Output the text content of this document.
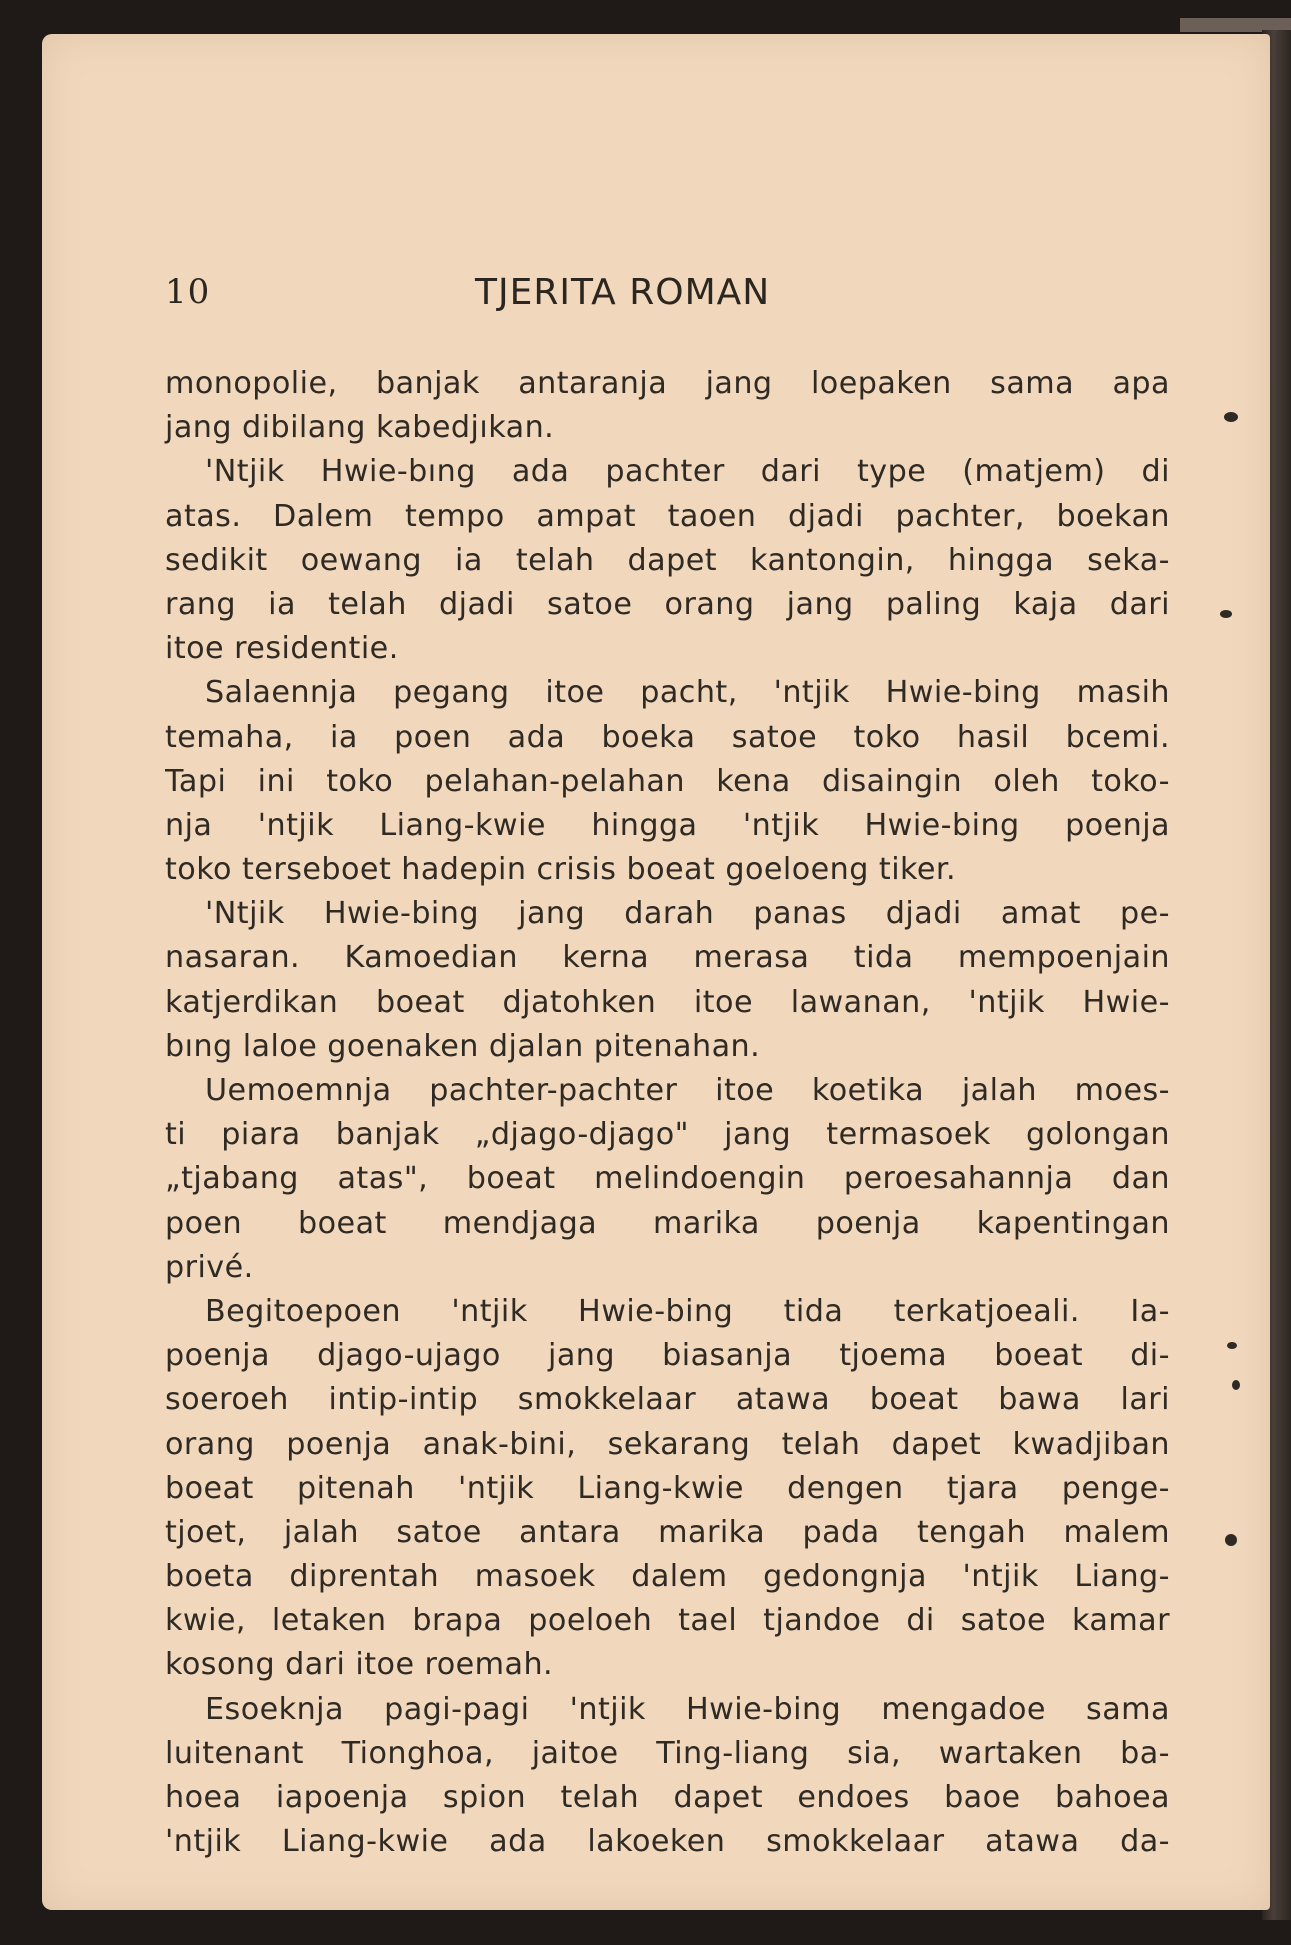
10	TJERITA ROMAN
monopolie, banjak antaranja jang loepaken sama apa
jang dibilang kabedjıkan.
'Ntjik Hwie-bıng ada pachter dari type (matjem) di
atas. Dalem tempo ampat taoen djadi pachter, boekan
sedikit oewang ia telah dapet kantongin, hingga seka-
rang ia telah djadi satoe orang jang paling kaja dari
itoe residentie.
Salaennja pegang itoe pacht, 'ntjik Hwie-bing masih
temaha, ia poen ada boeka satoe toko hasil bcemi.
Tapi ini toko pelahan-pelahan kena disaingin oleh toko-
nja 'ntjik Liang-kwie hingga 'ntjik Hwie-bing poenja
toko terseboet hadepin crisis boeat goeloeng tiker.
'Ntjik Hwie-bing jang darah panas djadi amat pe-
nasaran. Kamoedian kerna merasa tida mempoenjain
katjerdikan boeat djatohken itoe lawanan, 'ntjik Hwie-
bıng laloe goenaken djalan pitenahan.
Uemoemnja pachter-pachter itoe koetika jalah moes-
ti piara banjak „djago-djago" jang termasoek golongan
„tjabang atas", boeat melindoengin peroesahannja dan
poen boeat mendjaga marika poenja kapentingan
privé.
Begitoepoen 'ntjik Hwie-bing tida terkatjoeali. Ia-
poenja djago-ujago jang biasanja tjoema boeat di-
soeroeh intip-intip smokkelaar atawa boeat bawa lari
orang poenja anak-bini, sekarang telah dapet kwadjiban
boeat pitenah 'ntjik Liang-kwie dengen tjara penge-
tjoet, jalah satoe antara marika pada tengah malem
boeta diprentah masoek dalem gedongnja 'ntjik Liang-
kwie, letaken brapa poeloeh tael tjandoe di satoe kamar
kosong dari itoe roemah.
Esoeknja pagi-pagi 'ntjik Hwie-bing mengadoe sama
luitenant Tionghoa, jaitoe Ting-liang sia, wartaken ba-
hoea iapoenja spion telah dapet endoes baoe bahoea
'ntjik Liang-kwie ada lakoeken smokkelaar atawa da-
